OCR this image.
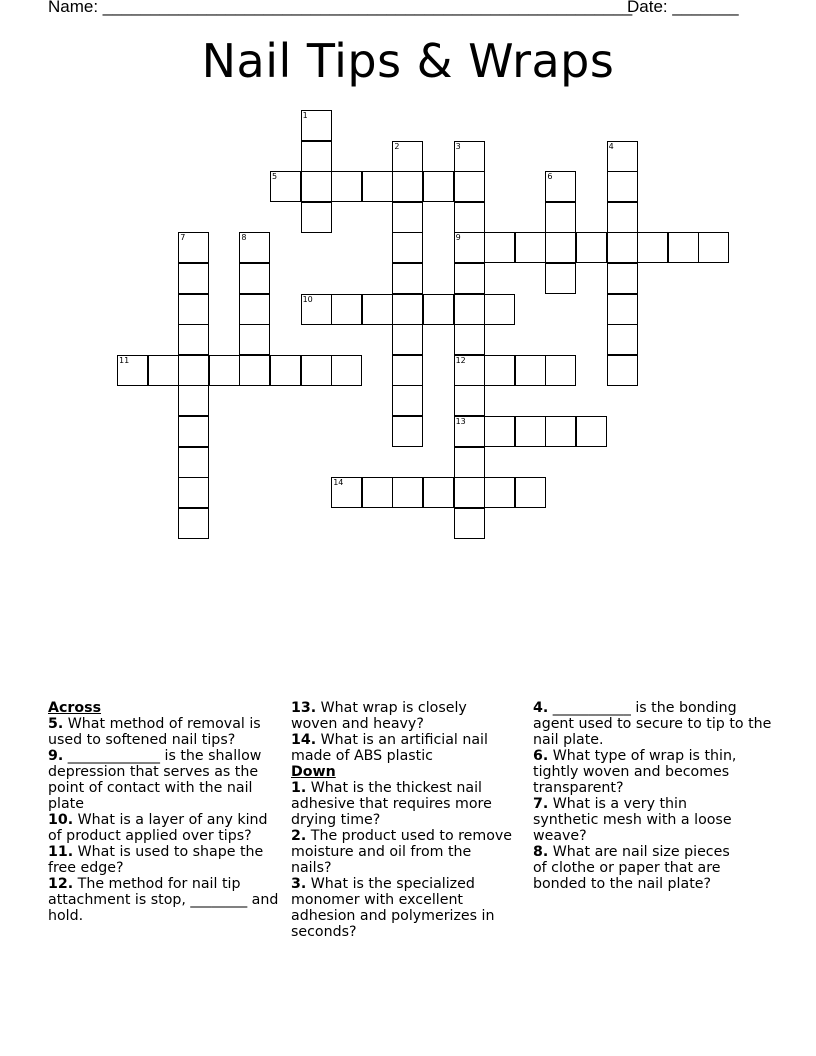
Name: ________________________________________________________
Date: _______
Nail Tips & Wraps
1
2	3
9
12
13
4
5	6
7	8
10
11
14
Across

5. What method of removal is used to softened nail tips?

9. _____________ is the shallow depression that serves as the point of contact with the nail plate

10. What is a layer of any kind of product applied over tips?

11. What is used to shape the free edge?

12. The method for nail tip attachment is stop, ________ and hold.

13. What wrap is closely woven and heavy?

14. What is an artificial nail made of ABS plastic

Down

1. What is the thickest nail adhesive that requires more drying time?

2. The product used to remove moisture and oil from the nails?

3. What is the specialized monomer with excellent adhesion and polymerizes in seconds?

4. ___________ is the bonding agent used to secure to tip to the nail plate.

6. What type of wrap is thin, tightly woven and becomes transparent?

7. What is a very thin synthetic mesh with a loose weave?

8. What are nail size pieces of clothe or paper that are bonded to the nail plate?
